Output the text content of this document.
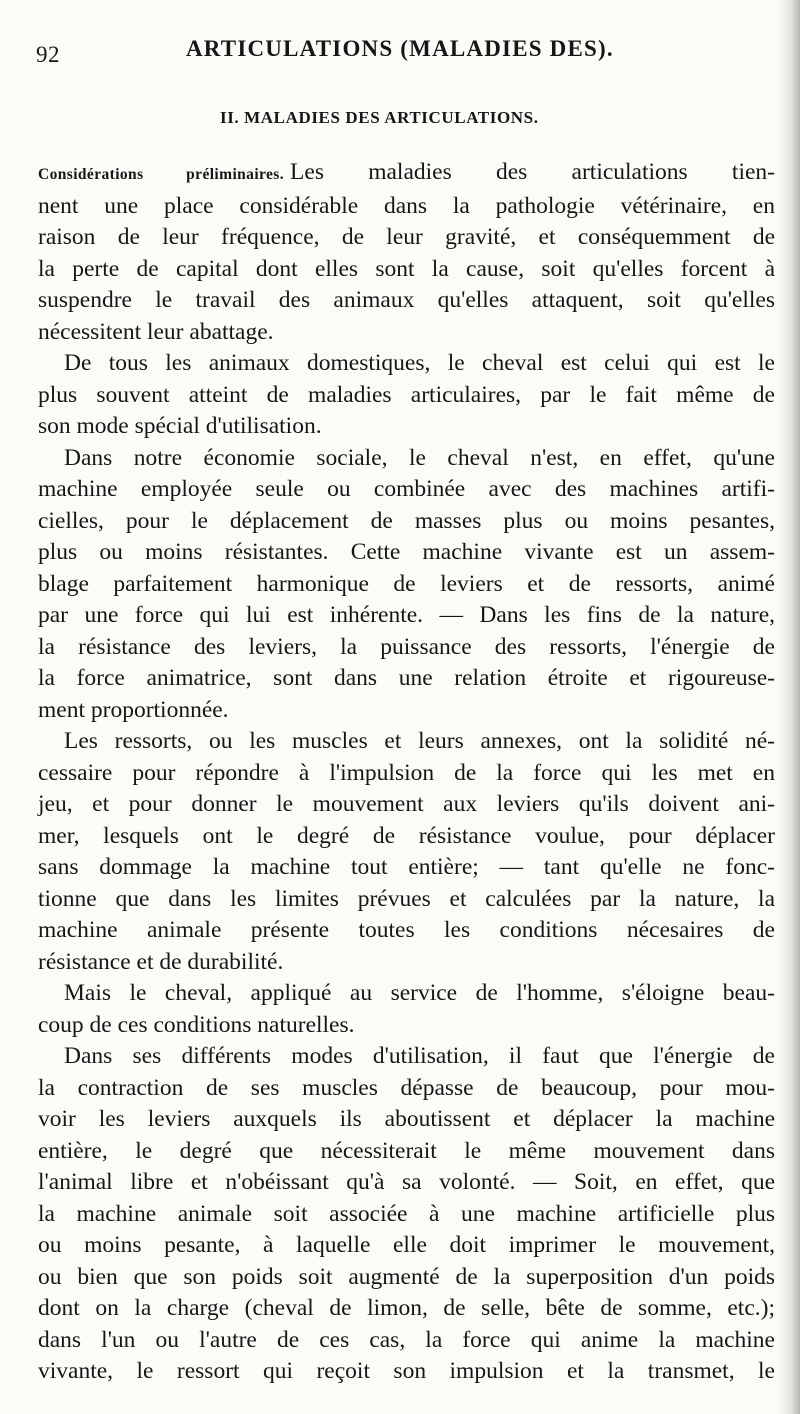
92	ARTICULATIONS (MALADIES DES).
II. MALADIES DES ARTICULATIONS.

Considérations préliminaires. Les maladies des articulations tien-
nent une place considérable dans la pathologie vétérinaire, en
raison de leur fréquence, de leur gravité, et conséquemment de
la perte de capital dont elles sont la cause, soit qu'elles forcent à
suspendre le travail des animaux qu'elles attaquent, soit qu'elles
nécessitent leur abattage.

De tous les animaux domestiques, le cheval est celui qui est le
plus souvent atteint de maladies articulaires, par le fait même de
son mode spécial d'utilisation.

Dans notre économie sociale, le cheval n'est, en effet, qu'une
machine employée seule ou combinée avec des machines artifi-
cielles, pour le déplacement de masses plus ou moins pesantes,
plus ou moins résistantes. Cette machine vivante est un assem-
blage parfaitement harmonique de leviers et de ressorts, animé
par une force qui lui est inhérente. — Dans les fins de la nature,
la résistance des leviers, la puissance des ressorts, l'énergie de
la force animatrice, sont dans une relation étroite et rigoureuse-
ment proportionnée.

Les ressorts, ou les muscles et leurs annexes, ont la solidité né-
cessaire pour répondre à l'impulsion de la force qui les met en
jeu, et pour donner le mouvement aux leviers qu'ils doivent ani-
mer, lesquels ont le degré de résistance voulue, pour déplacer
sans dommage la machine tout entière; — tant qu'elle ne fonc-
tionne que dans les limites prévues et calculées par la nature, la
machine animale présente toutes les conditions nécesaires de
résistance et de durabilité.

Mais le cheval, appliqué au service de l'homme, s'éloigne beau-
coup de ces conditions naturelles.

Dans ses différents modes d'utilisation, il faut que l'énergie de
la contraction de ses muscles dépasse de beaucoup, pour mou-
voir les leviers auxquels ils aboutissent et déplacer la machine
entière, le degré que nécessiterait le même mouvement dans
l'animal libre et n'obéissant qu'à sa volonté. — Soit, en effet, que
la machine animale soit associée à une machine artificielle plus
ou moins pesante, à laquelle elle doit imprimer le mouvement,
ou bien que son poids soit augmenté de la superposition d'un poids
dont on la charge (cheval de limon, de selle, bête de somme, etc.);
dans l'un ou l'autre de ces cas, la force qui anime la machine
vivante, le ressort qui reçoit son impulsion et la transmet, le
